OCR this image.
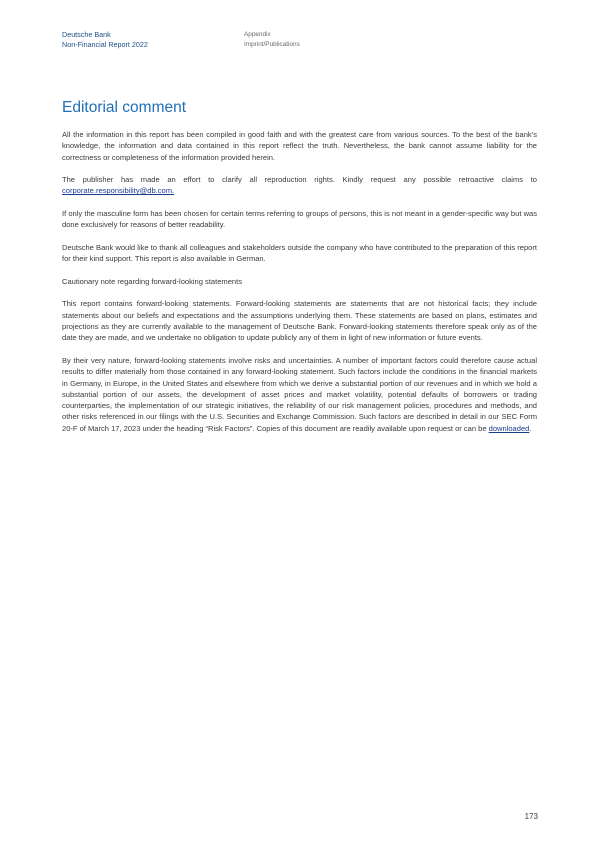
Deutsche Bank
Non-Financial Report 2022
Appendix
Imprint/Publications
Editorial comment

All the information in this report has been compiled in good faith and with the greatest care from various sources. To the best of the bank’s knowledge, the information and data contained in this report reflect the truth. Nevertheless, the bank cannot assume liability for the correctness or completeness of the information provided herein.

The publisher has made an effort to clarify all reproduction rights. Kindly request any possible retroactive claims to corporate.responsibility@db.com.

If only the masculine form has been chosen for certain terms referring to groups of persons, this is not meant in a gender-specific way but was done exclusively for reasons of better readability.

Deutsche Bank would like to thank all colleagues and stakeholders outside the company who have contributed to the preparation of this report for their kind support. This report is also available in German.

Cautionary note regarding forward-looking statements

This report contains forward-looking statements. Forward-looking statements are statements that are not historical facts; they include statements about our beliefs and expectations and the assumptions underlying them. These statements are based on plans, estimates and projections as they are currently available to the management of Deutsche Bank. Forward-looking statements therefore speak only as of the date they are made, and we undertake no obligation to update publicly any of them in light of new information or future events.

By their very nature, forward-looking statements involve risks and uncertainties. A number of important factors could therefore cause actual results to differ materially from those contained in any forward-looking statement. Such factors include the conditions in the financial markets in Germany, in Europe, in the United States and elsewhere from which we derive a substantial portion of our revenues and in which we hold a substantial portion of our assets, the development of asset prices and market volatility, potential defaults of borrowers or trading counterparties, the implementation of our strategic initiatives, the reliability of our risk management policies, procedures and methods, and other risks referenced in our filings with the U.S. Securities and Exchange Commission. Such factors are described in detail in our SEC Form 20-F of March 17, 2023 under the heading “Risk Factors”. Copies of this document are readily available upon request or can be downloaded.

173
